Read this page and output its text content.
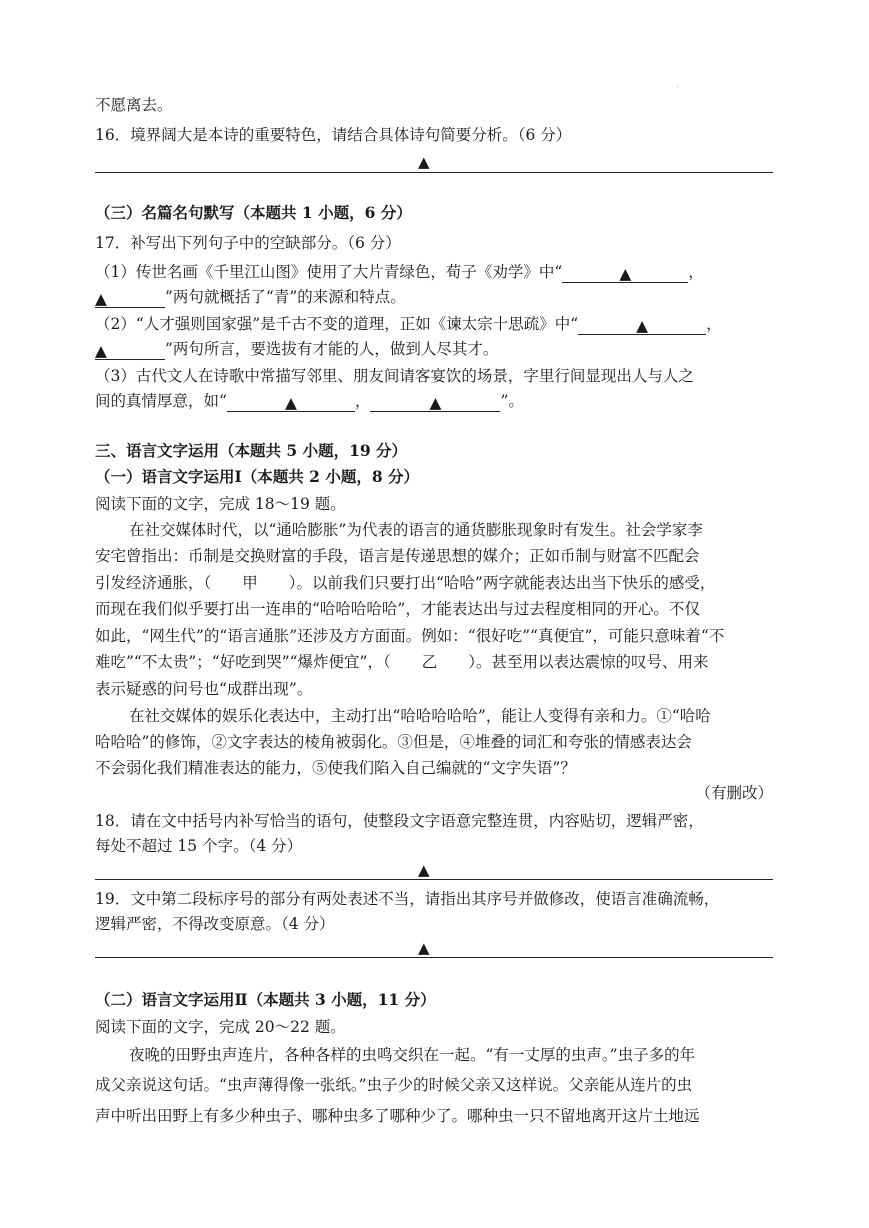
·
不愿离去。
16．境界阔大是本诗的重要特色，请结合具体诗句简要分析。（6 分）
▲
（三）名篇名句默写（本题共 1 小题，6 分）
17．补写出下列句子中的空缺部分。（6 分）
（1）传世名画《千里江山图》使用了大片青绿色，荀子《劝学》中“	▲	，
▲	”两句就概括了“青”的来源和特点。
（2）“人才强则国家强”是千古不变的道理，正如《谏太宗十思疏》中“	▲	，
▲	”两句所言，要选拔有才能的人，做到人尽其才。
（3）古代文人在诗歌中常描写邻里、朋友间请客宴饮的场景，字里行间显现出人与人之
间的真情厚意，如“	▲	，	▲	”。
三、语言文字运用（本题共 5 小题，19 分）
（一）语言文字运用Ⅰ（本题共 2 小题，8 分）
阅读下面的文字，完成 18～19 题。
在社交媒体时代，以“通哈膨胀”为代表的语言的通货膨胀现象时有发生。社会学家李
安宅曾指出：币制是交换财富的手段，语言是传递思想的媒介；正如币制与财富不匹配会
引发经济通胀，（　　甲　　）。以前我们只要打出“哈哈”两字就能表达出当下快乐的感受，
而现在我们似乎要打出一连串的“哈哈哈哈哈”，才能表达出与过去程度相同的开心。不仅
如此，“网生代”的“语言通胀”还涉及方方面面。例如：“很好吃”“真便宜”，可能只意味着“不
难吃”“不太贵”；“好吃到哭”“爆炸便宜”，（　　乙　　）。甚至用以表达震惊的叹号、用来
表示疑惑的问号也“成群出现”。
在社交媒体的娱乐化表达中，主动打出“哈哈哈哈哈”，能让人变得有亲和力。①“哈哈
哈哈哈”的修饰，②文字表达的棱角被弱化。③但是，④堆叠的词汇和夸张的情感表达会
不会弱化我们精准表达的能力，⑤使我们陷入自己编就的“文字失语”？
（有删改）
18．请在文中括号内补写恰当的语句，使整段文字语意完整连贯，内容贴切，逻辑严密，
每处不超过 15 个字。（4 分）
▲
19．文中第二段标序号的部分有两处表述不当，请指出其序号并做修改，使语言准确流畅，
逻辑严密，不得改变原意。（4 分）
▲
（二）语言文字运用Ⅱ（本题共 3 小题，11 分）
阅读下面的文字，完成 20～22 题。
夜晚的田野虫声连片，各种各样的虫鸣交织在一起。“有一丈厚的虫声。”虫子多的年
成父亲说这句话。“虫声薄得像一张纸。”虫子少的时候父亲又这样说。父亲能从连片的虫
声中听出田野上有多少种虫子、哪种虫多了哪种少了。哪种虫一只不留地离开这片土地远
